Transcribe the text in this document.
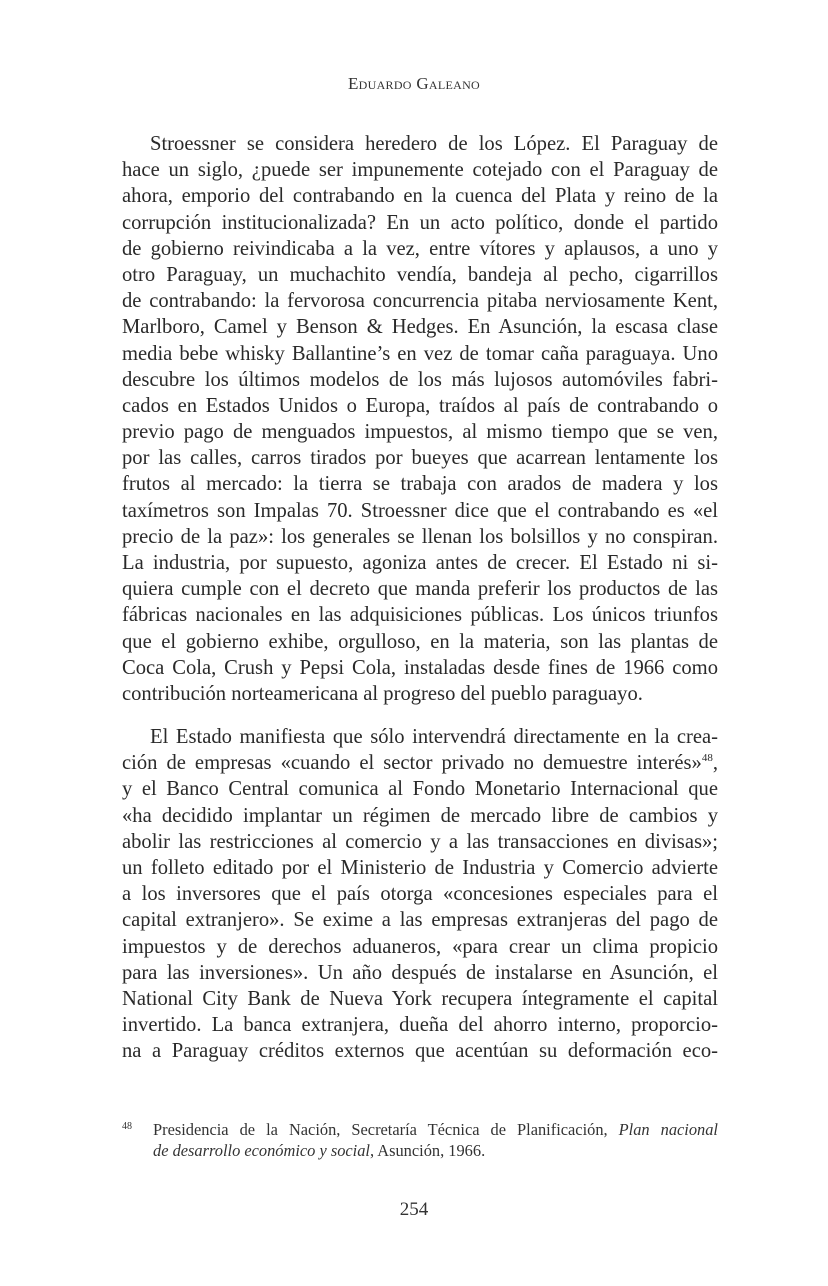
Eduardo Galeano
Stroessner se considera heredero de los López. El Paraguay de
hace un siglo, ¿puede ser impunemente cotejado con el Paraguay de
ahora, emporio del contrabando en la cuenca del Plata y reino de la
corrupción institucionalizada? En un acto político, donde el partido
de gobierno reivindicaba a la vez, entre vítores y aplausos, a uno y
otro Paraguay, un muchachito vendía, bandeja al pecho, cigarrillos
de contrabando: la fervorosa concurrencia pitaba nerviosamente Kent,
Marlboro, Camel y Benson & Hedges. En Asunción, la escasa clase
media bebe whisky Ballantine’s en vez de tomar caña paraguaya. Uno
descubre los últimos modelos de los más lujosos automóviles fabri-
cados en Estados Unidos o Europa, traídos al país de contrabando o
previo pago de menguados impuestos, al mismo tiempo que se ven,
por las calles, carros tirados por bueyes que acarrean lentamente los
frutos al mercado: la tierra se trabaja con arados de madera y los
taxímetros son Impalas 70. Stroessner dice que el contrabando es «el
precio de la paz»: los generales se llenan los bolsillos y no conspiran.
La industria, por supuesto, agoniza antes de crecer. El Estado ni si-
quiera cumple con el decreto que manda preferir los productos de las
fábricas nacionales en las adquisiciones públicas. Los únicos triunfos
que el gobierno exhibe, orgulloso, en la materia, son las plantas de
Coca Cola, Crush y Pepsi Cola, instaladas desde fines de 1966 como
contribución norteamericana al progreso del pueblo paraguayo.
El Estado manifiesta que sólo intervendrá directamente en la crea-
ción de empresas «cuando el sector privado no demuestre interés»$^{48}$,
y el Banco Central comunica al Fondo Monetario Internacional que
«ha decidido implantar un régimen de mercado libre de cambios y
abolir las restricciones al comercio y a las transacciones en divisas»;
un folleto editado por el Ministerio de Industria y Comercio advierte
a los inversores que el país otorga «concesiones especiales para el
capital extranjero». Se exime a las empresas extranjeras del pago de
impuestos y de derechos aduaneros, «para crear un clima propicio
para las inversiones». Un año después de instalarse en Asunción, el
National City Bank de Nueva York recupera íntegramente el capital
invertido. La banca extranjera, dueña del ahorro interno, proporcio-
na a Paraguay créditos externos que acentúan su deformación eco-
48 Presidencia de la Nación, Secretaría Técnica de Planificación, Plan nacional
de desarrollo económico y social, Asunción, 1966.
254
